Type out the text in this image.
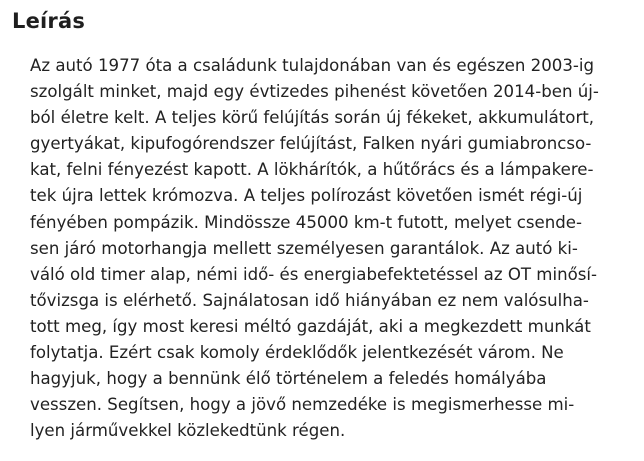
Leírás
Az autó 1977 óta a családunk tulajdonában van és egészen 2003-ig
szolgált minket, majd egy évtizedes pihenést követően 2014-ben új-
ból életre kelt. A teljes körű felújítás során új fékeket, akkumulátort,
gyertyákat, kipufogórendszer felújítást, Falken nyári gumiabroncso-
kat, felni fényezést kapott. A lökhárítók, a hűtőrács és a lámpakere-
tek újra lettek krómozva. A teljes polírozást követően ismét régi-új
fényében pompázik. Mindössze 45000 km-t futott, melyet csende-
sen járó motorhangja mellett személyesen garantálok. Az autó ki-
váló old timer alap, némi idő- és energiabefektetéssel az OT minősí-
tővizsga is elérhető. Sajnálatosan idő hiányában ez nem valósulha-
tott meg, így most keresi méltó gazdáját, aki a megkezdett munkát
folytatja. Ezért csak komoly érdeklődők jelentkezését várom. Ne
hagyjuk, hogy a bennünk élő történelem a feledés homályába
vesszen. Segítsen, hogy a jövő nemzedéke is megismerhesse mi-
lyen járművekkel közlekedtünk régen.
